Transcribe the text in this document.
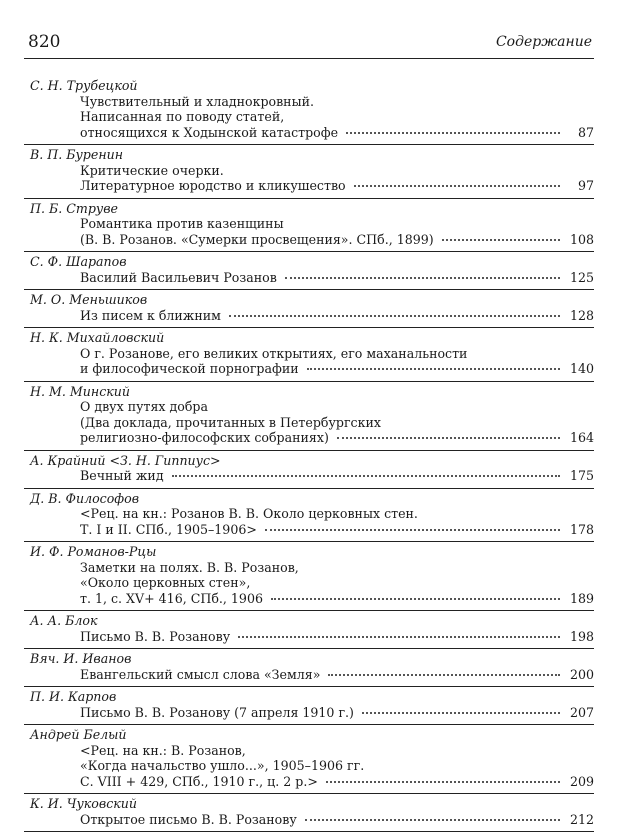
820	Содержание
С. Н. Трубецкой
Чувствительный и хладнокровный.
Написанная по поводу статей,
относящихся к Ходынской катастрофе	87
В. П. Буренин
Критические очерки.
Литературное юродство и кликушество	97
П. Б. Струве
Романтика против казенщины
(В. В. Розанов. «Сумерки просвещения». СПб., 1899)	108
С. Ф. Шарапов
Василий Васильевич Розанов	125
М. О. Меньшиков
Из писем к ближним	128
Н. К. Михайловский
О г. Розанове, его великих открытиях, его маханальности
и философической порнографии	140
Н. М. Минский
О двух путях добра
(Два доклада, прочитанных в Петербургских
религиозно-философских собраниях)	164
А. Крайний <З. Н. Гиппиус>
Вечный жид	175
Д. В. Философов
<Рец. на кн.: Розанов В. В. Около церковных стен.
Т. I и II. СПб., 1905–1906>	178
И. Ф. Романов-Рцы
Заметки на полях. В. В. Розанов,
«Около церковных стен»,
т. 1, с. XV+ 416, СПб., 1906	189
А. А. Блок
Письмо В. В. Розанову	198
Вяч. И. Иванов
Евангельский смысл слова «Земля»	200
П. И. Карпов
Письмо В. В. Розанову (7 апреля 1910 г.)	207
Андрей Белый
<Рец. на кн.: В. Розанов,
«Когда начальство ушло...», 1905–1906 гг.
С. VIII + 429, СПб., 1910 г., ц. 2 р.>	209
К. И. Чуковский
Открытое письмо В. В. Розанову	212
